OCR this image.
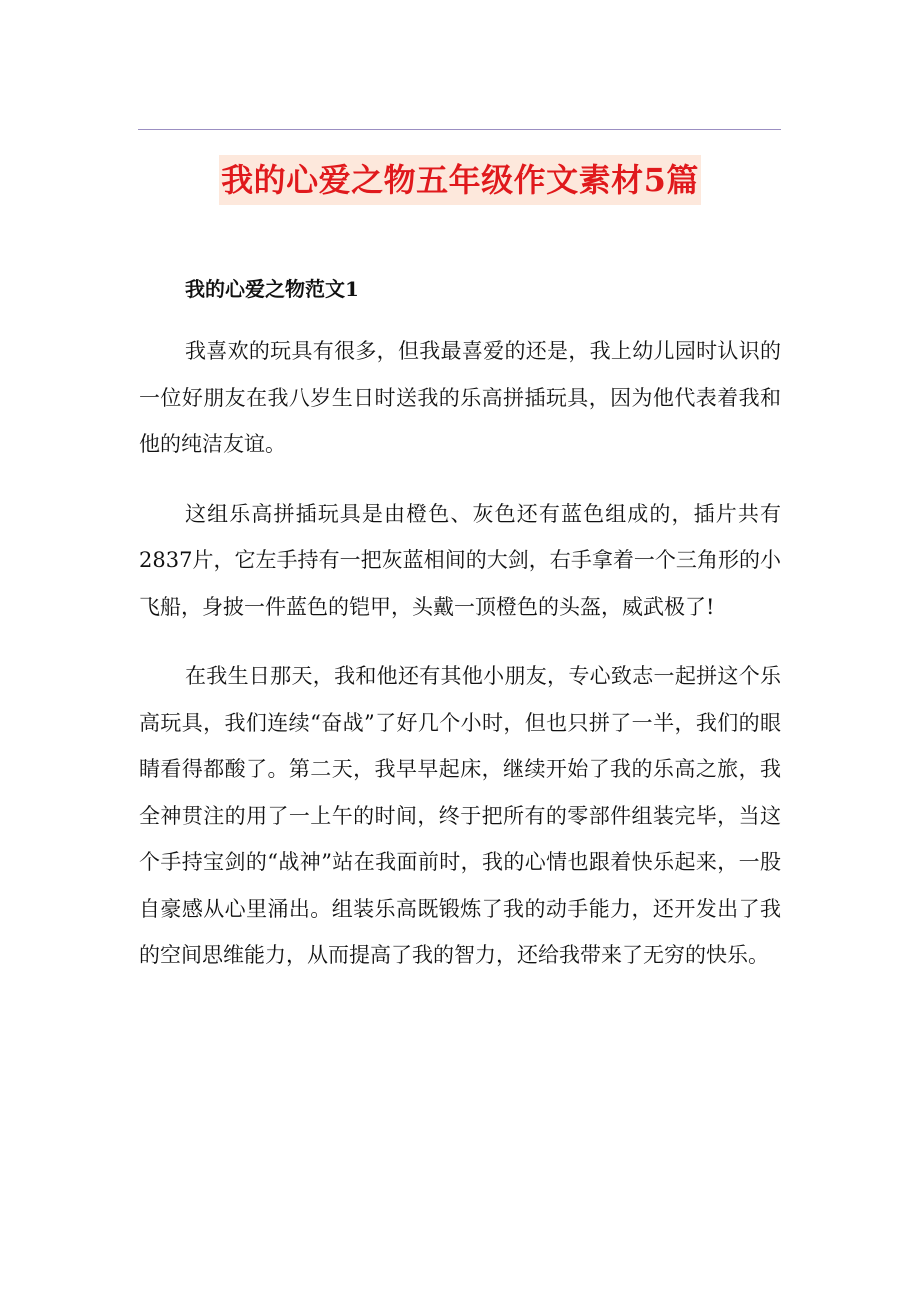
我的心爱之物五年级作文素材5篇
我的心爱之物范文1

我喜欢的玩具有很多，但我最喜爱的还是，我上幼儿园时认识的一位好朋友在我八岁生日时送我的乐高拼插玩具，因为他代表着我和他的纯洁友谊。

这组乐高拼插玩具是由橙色、灰色还有蓝色组成的，插片共有2837片，它左手持有一把灰蓝相间的大剑，右手拿着一个三角形的小飞船，身披一件蓝色的铠甲，头戴一顶橙色的头盔，威武极了!

在我生日那天，我和他还有其他小朋友，专心致志一起拼这个乐高玩具，我们连续“奋战”了好几个小时，但也只拼了一半，我们的眼睛看得都酸了。第二天，我早早起床，继续开始了我的乐高之旅，我全神贯注的用了一上午的时间，终于把所有的零部件组装完毕，当这个手持宝剑的“战神”站在我面前时，我的心情也跟着快乐起来，一股自豪感从心里涌出。组装乐高既锻炼了我的动手能力，还开发出了我的空间思维能力，从而提高了我的智力，还给我带来了无穷的快乐。
